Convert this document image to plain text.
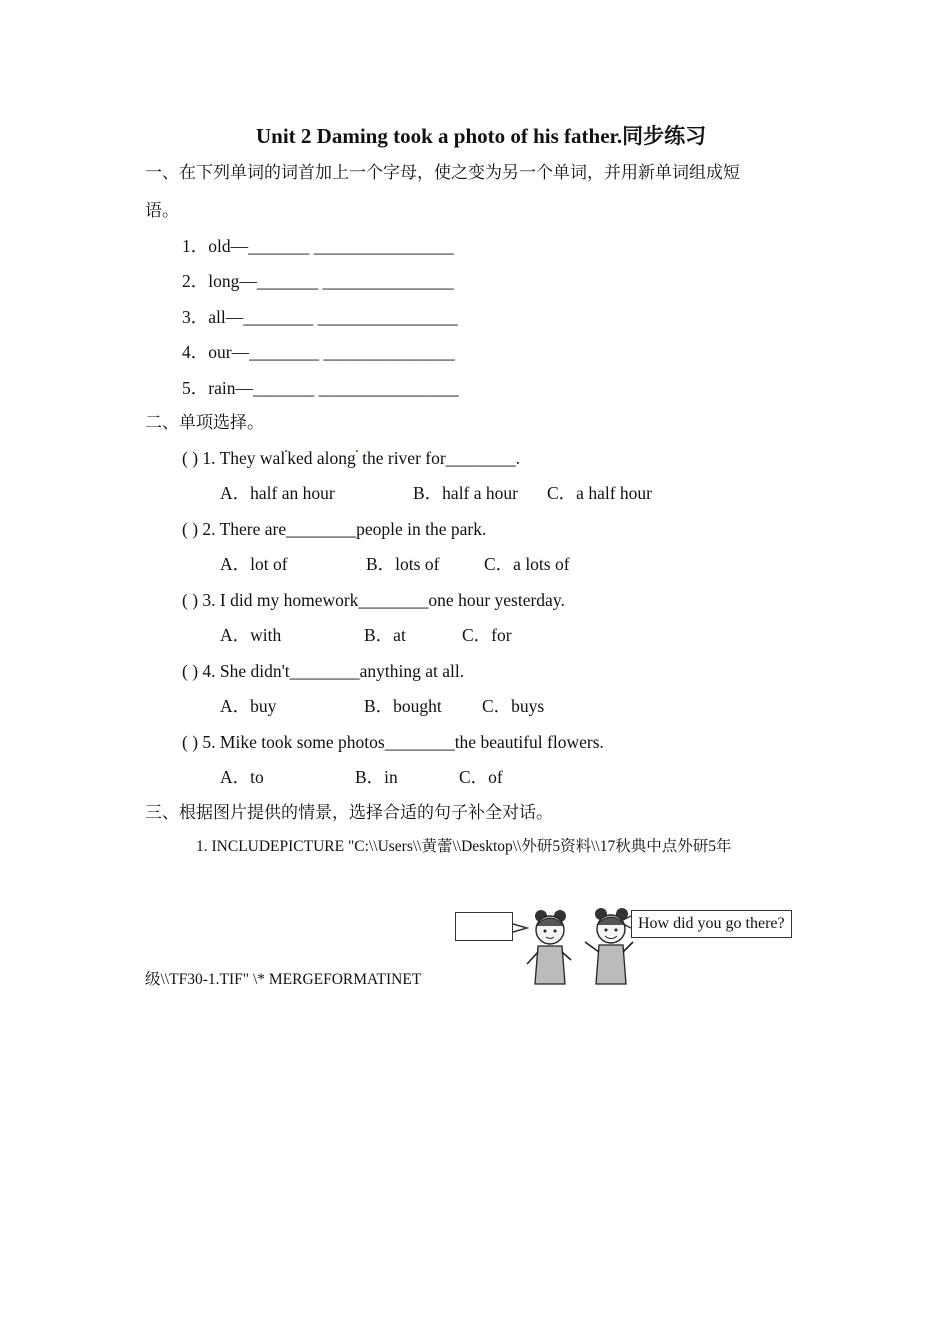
Unit 2 Daming took a photo of his father.同步练习
一、在下列单词的词首加上一个字母，使之变为另一个单词，并用新单词组成短
语。
1．old—_______ ________________
2．long—_______ _______________
3．all—________ ________________
4．our—________ _______________
5．rain—_______ ________________
二、单项选择。
( ) 1. They wal ked along the river for________.
A．half an hour	B．half a hour C．a half hour
( ) 2. There are________people in the park.
A．lot of	B．lots of	C．a lots of
( ) 3. I did my homework________one hour yesterday.
A．with	B．at	C．for
( ) 4. She didn't________anything at all.
A．buy	B．bought C．buys
( ) 5. Mike took some photos________the beautiful flowers.
A．to	B．in	C．of
三、根据图片提供的情景，选择合适的句子补全对话。
1. INCLUDEPICTURE "C:\\Users\\黄蕾\\Desktop\\外研5资料\\17秋典中点外研5年
How did you go there?
级\\TF30-1.TIF" \* MERGEFORMATINET
